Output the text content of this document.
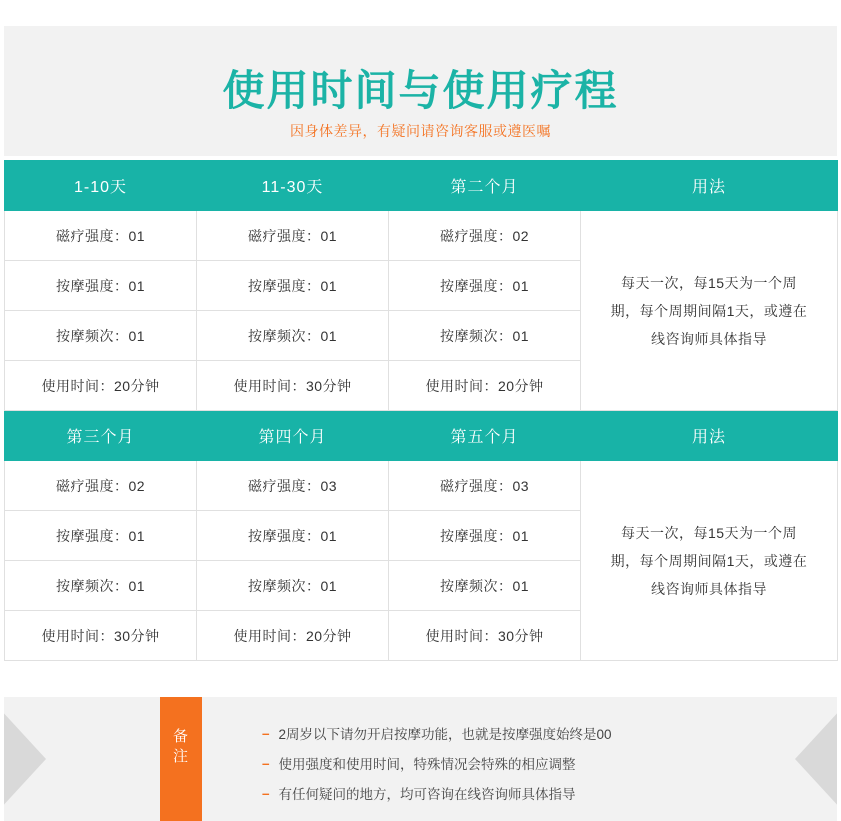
使用时间与使用疗程
因身体差异，有疑问请咨询客服或遵医嘱
1-10天	11-30天	第二个月	用法
磁疗强度：01	磁疗强度：01	磁疗强度：02	每天一次，每15天为一个周期，每个周期间隔1天，或遵在线咨询师具体指导
按摩强度：01	按摩强度：01	按摩强度：01	
按摩频次：01	按摩频次：01	按摩频次：01	
使用时间：20分钟	使用时间：30分钟	使用时间：20分钟	
第三个月	第四个月	第五个月	用法
磁疗强度：02	磁疗强度：03	磁疗强度：03	每天一次，每15天为一个周期，每个周期间隔1天，或遵在线咨询师具体指导
按摩强度：01	按摩强度：01	按摩强度：01	
按摩频次：01	按摩频次：01	按摩频次：01	
使用时间：30分钟	使用时间：20分钟	使用时间：30分钟	
备
注
– 2周岁以下请勿开启按摩功能，也就是按摩强度始终是00
– 使用强度和使用时间，特殊情况会特殊的相应调整
– 有任何疑问的地方，均可咨询在线咨询师具体指导
